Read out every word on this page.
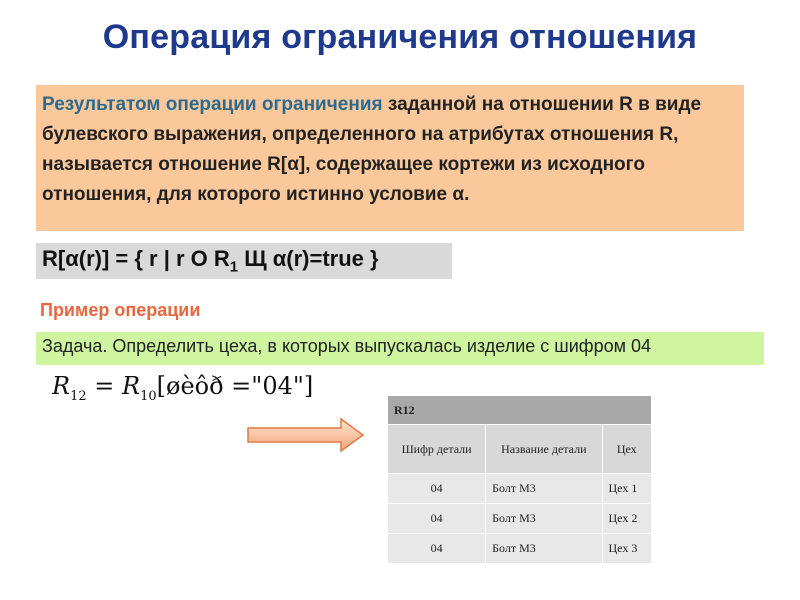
Операция ограничения отношения
Результатом операции ограничения заданной на отношении R в виде булевского выражения, определенного на атрибутах отношения R, называется отношение R[α], содержащее кортежи из исходного отношения, для которого истинно условие α.
R[α(r)] = { r | r Ο $R_1$ Щ α(r)=true }
Пример операции
Задача. Определить цеха, в которых выпускалась изделие с шифром 04
$R_{12}$ = $R_{10}[øèôð$ ="04"]
R12		
Шифр детали	Название детали	Цех
04	Болт М3	Цех 1
04	Болт М3	Цех 2
04	Болт М3	Цех 3
